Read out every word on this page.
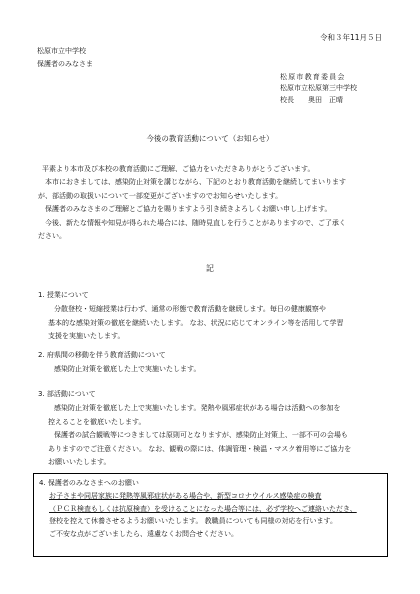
令和３年11月５日

松原市立中学校

保護者のみなさま

松原市教育委員会

松原市立松原第三中学校

校長　　奥田　正晴

今後の教育活動について（お知らせ）

平素より本市及び本校の教育活動にご理解、ご協力をいただきありがとうございます。

本市におきましては、感染防止対策を講じながら、下記のとおり教育活動を継続してまいります

が、部活動の取扱いについて一部変更がございますのでお知らせいたします。

保護者のみなさまのご理解とご協力を賜りますよう引き続きよろしくお願い申し上げます。

今後、新たな情報や知見が得られた場合には、随時見直しを行うことがありますので、ご了承く

ださい。

記

1. 授業について

分散登校・短縮授業は行わず、通常の形態で教育活動を継続します。毎日の健康観察や

基本的な感染対策の徹底を継続いたします。 なお、状況に応じてオンライン等を活用して学習

支援を実施いたします。

2. 府県間の移動を伴う教育活動について

感染防止対策を徹底した上で実施いたします。

3. 部活動について

感染防止対策を徹底した上で実施いたします。発熱や風邪症状がある場合は活動への参加を

控えることを徹底いたします。

保護者の試合観戦等につきましては原則可となりますが、感染防止対策上、一部不可の会場も

ありますのでご注意ください。 なお、観戦の際には、体調管理・検温・マスク着用等にご協力を

お願いいたします。

4. 保護者のみなさまへのお願い

お子さまや同居家族に発熱等風邪症状がある場合や、新型コロナウイルス感染症の検査

（ＰＣＲ検査もしくは抗原検査）を受けることになった場合等には、必ず学校へご連絡いただき、

登校を控えて休養させるようお願いいたします。 教職員についても同様の対応を行います。

ご不安な点がございましたら、遠慮なくお問合せください。
